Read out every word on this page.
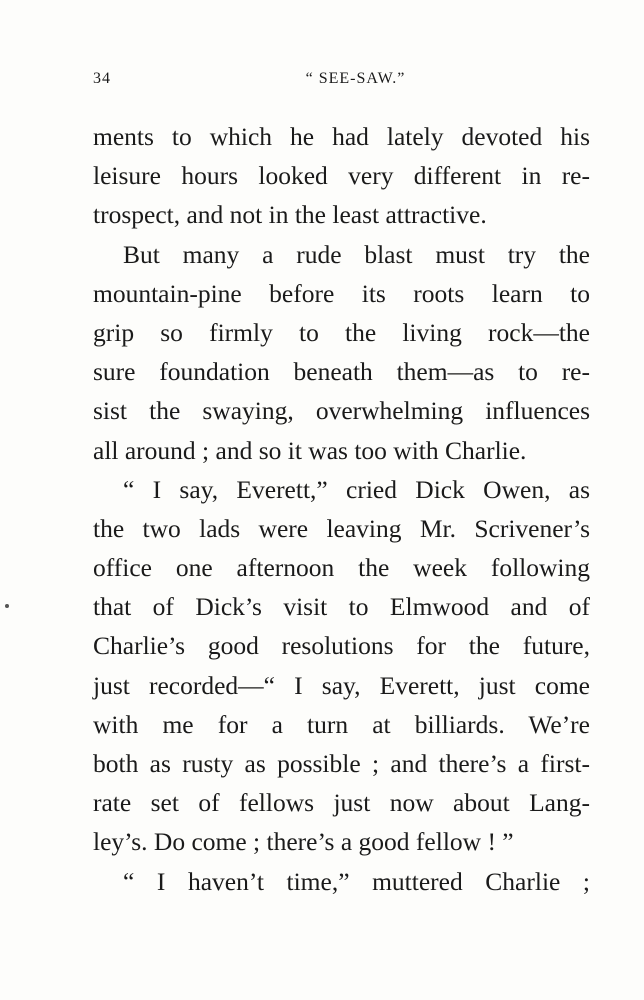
34	“ SEE-SAW.”
ments to which he had lately devoted his
leisure hours looked very different in re-
trospect, and not in the least attractive.
But many a rude blast must try the
mountain-pine before its roots learn to
grip so firmly to the living rock—the
sure foundation beneath them—as to re-
sist the swaying, overwhelming influences
all around ; and so it was too with Charlie.
“ I say, Everett,” cried Dick Owen, as
the two lads were leaving Mr. Scrivener’s
office one afternoon the week following
that of Dick’s visit to Elmwood and of
Charlie’s good resolutions for the future,
just recorded—“ I say, Everett, just come
with me for a turn at billiards. We’re
both as rusty as possible ; and there’s a first-
rate set of fellows just now about Lang-
ley’s. Do come ; there’s a good fellow ! ”
“ I haven’t time,” muttered Charlie ;
